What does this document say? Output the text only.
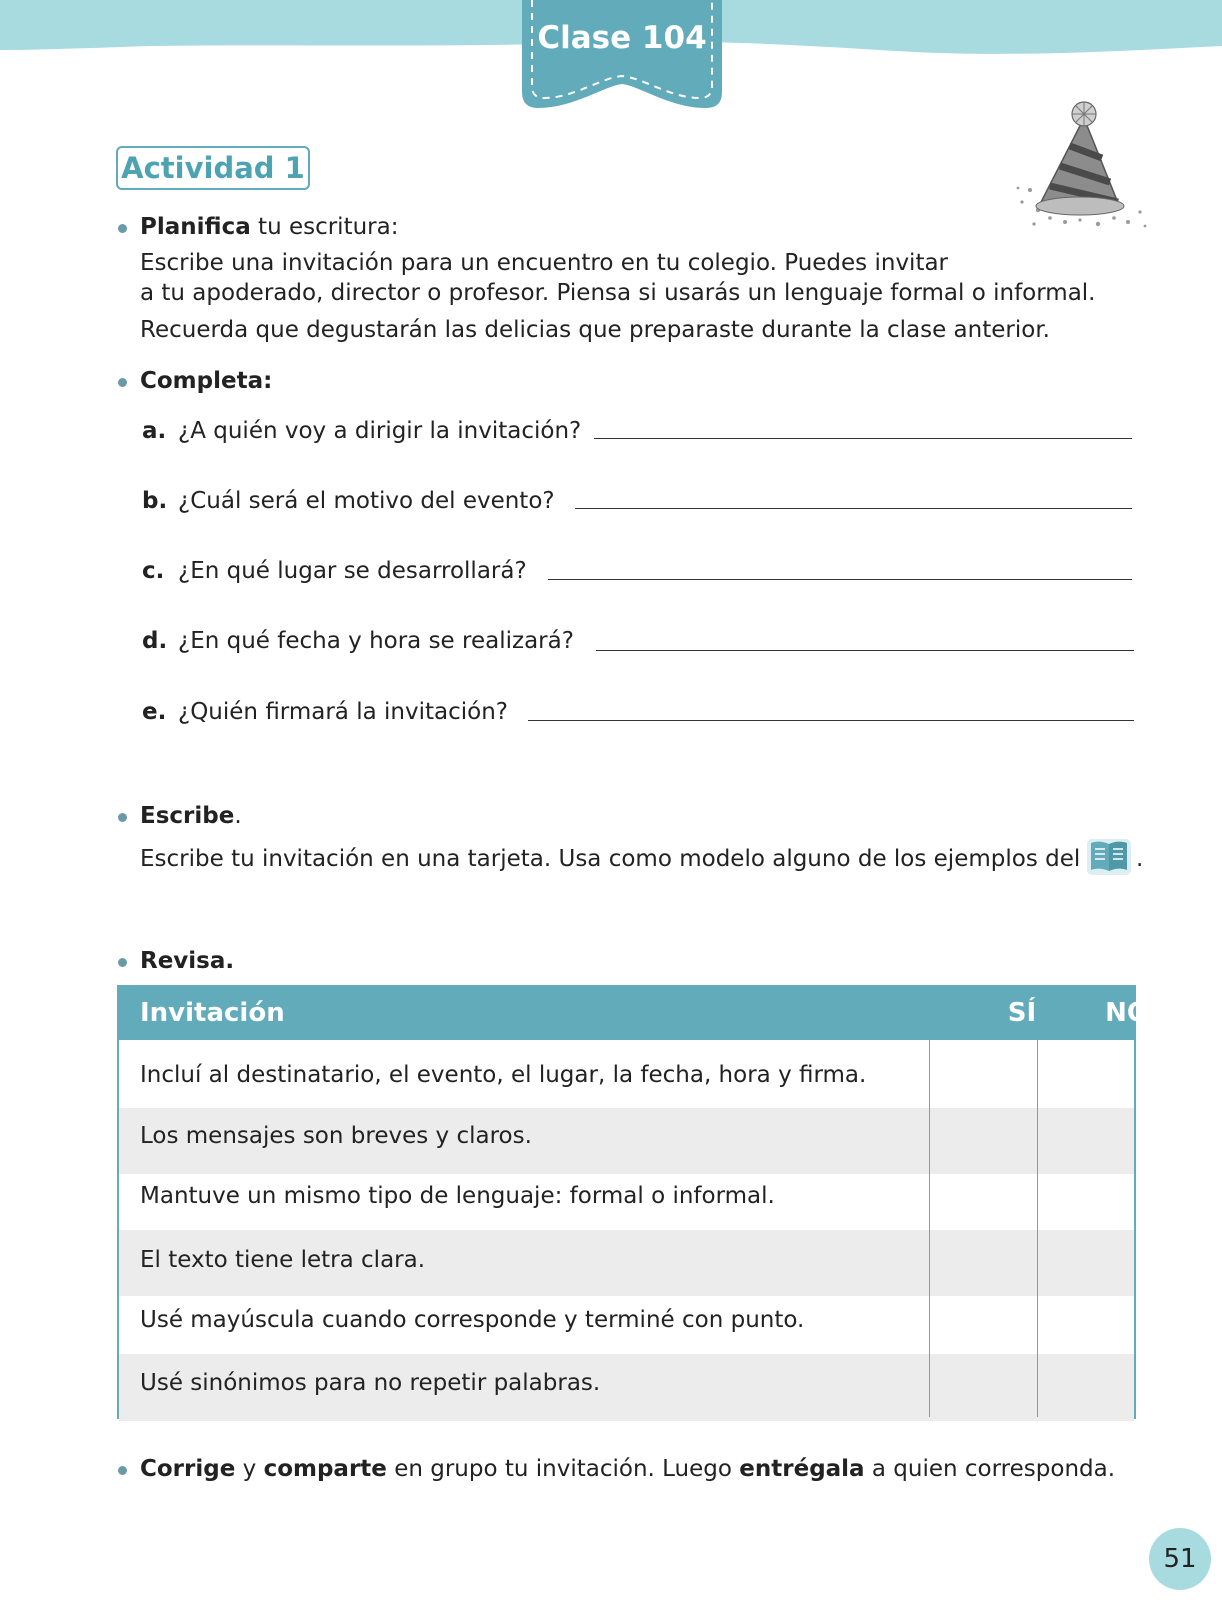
Clase 104
Actividad 1
Planifica tu escritura:
Escribe una invitación para un encuentro en tu colegio. Puedes invitar
a tu apoderado, director o profesor. Piensa si usarás un lenguaje formal o informal.
Recuerda que degustarán las delicias que preparaste durante la clase anterior.
Completa:
a. ¿A quién voy a dirigir la invitación?
b. ¿Cuál será el motivo del evento?
c. ¿En qué lugar se desarrollará?
d. ¿En qué fecha y hora se realizará?
e. ¿Quién firmará la invitación?
Escribe.
Escribe tu invitación en una tarjeta. Usa como modelo alguno de los ejemplos del .
Revisa.
Invitación	SÍ	NO
Incluí al destinatario, el evento, el lugar, la fecha, hora y firma.
Los mensajes son breves y claros.
Mantuve un mismo tipo de lenguaje: formal o informal.
El texto tiene letra clara.
Usé mayúscula cuando corresponde y terminé con punto.
Usé sinónimos para no repetir palabras.
Corrige y comparte en grupo tu invitación. Luego entrégala a quien corresponda.
51
